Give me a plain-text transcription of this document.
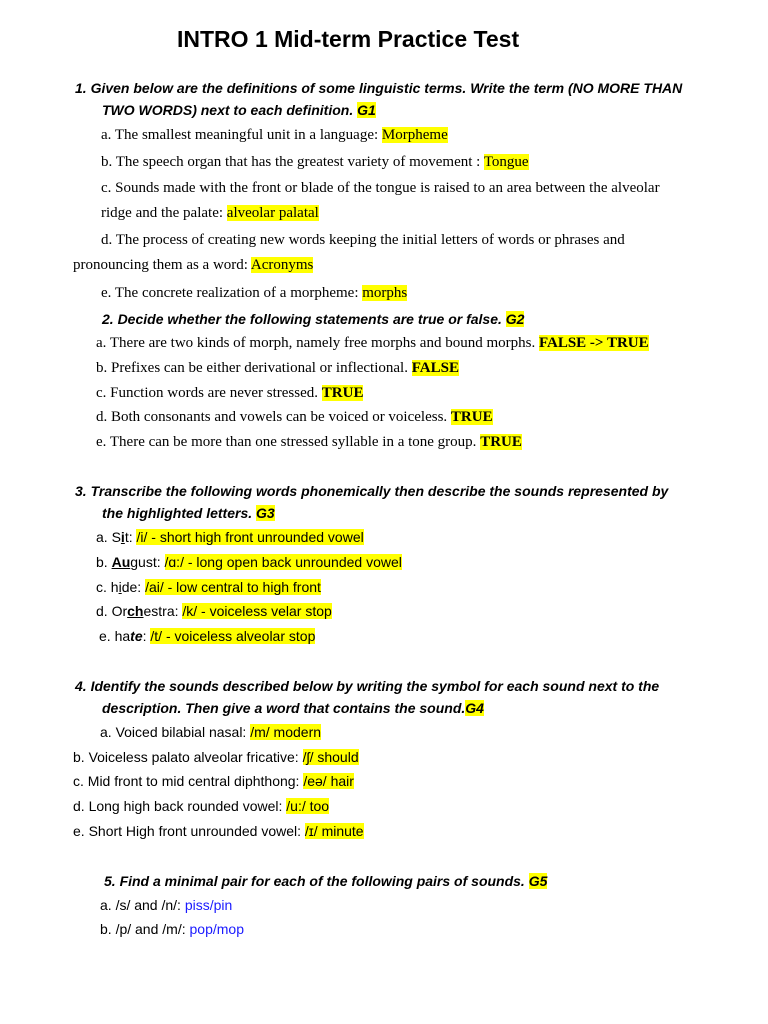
INTRO 1 Mid-term Practice Test
1. Given below are the definitions of some linguistic terms. Write the term (NO MORE THAN
TWO WORDS) next to each definition. G1
a. The smallest meaningful unit in a language: Morpheme
b. The speech organ that has the greatest variety of movement : Tongue
c. Sounds made with the front or blade of the tongue is raised to an area between the alveolar
ridge and the palate: alveolar palatal
d. The process of creating new words keeping the initial letters of words or phrases and
pronouncing them as a word: Acronyms
e. The concrete realization of a morpheme: morphs
2. Decide whether the following statements are true or false. G2
a. There are two kinds of morph, namely free morphs and bound morphs. FALSE -> TRUE
b. Prefixes can be either derivational or inflectional. FALSE
c. Function words are never stressed. TRUE
d. Both consonants and vowels can be voiced or voiceless. TRUE
e. There can be more than one stressed syllable in a tone group. TRUE
3. Transcribe the following words phonemically then describe the sounds represented by
the highlighted letters. G3
a. Sit: /i/ - short high front unrounded vowel
b. August: /ɑ:/ - long open back unrounded vowel
c. hide: /ai/ - low central to high front
d. Orchestra: /k/ - voiceless velar stop
e. hate: /t/ - voiceless alveolar stop
4. Identify the sounds described below by writing the symbol for each sound next to the
description. Then give a word that contains the sound.G4
a. Voiced bilabial nasal: /m/ modern
b. Voiceless palato alveolar fricative: /ʃ/ should
c. Mid front to mid central diphthong: /eə/ hair
d. Long high back rounded vowel: /u:/ too
e. Short High front unrounded vowel: /ɪ/ minute
5. Find a minimal pair for each of the following pairs of sounds. G5
a. /s/ and /n/: piss/pin
b. /p/ and /m/: pop/mop
